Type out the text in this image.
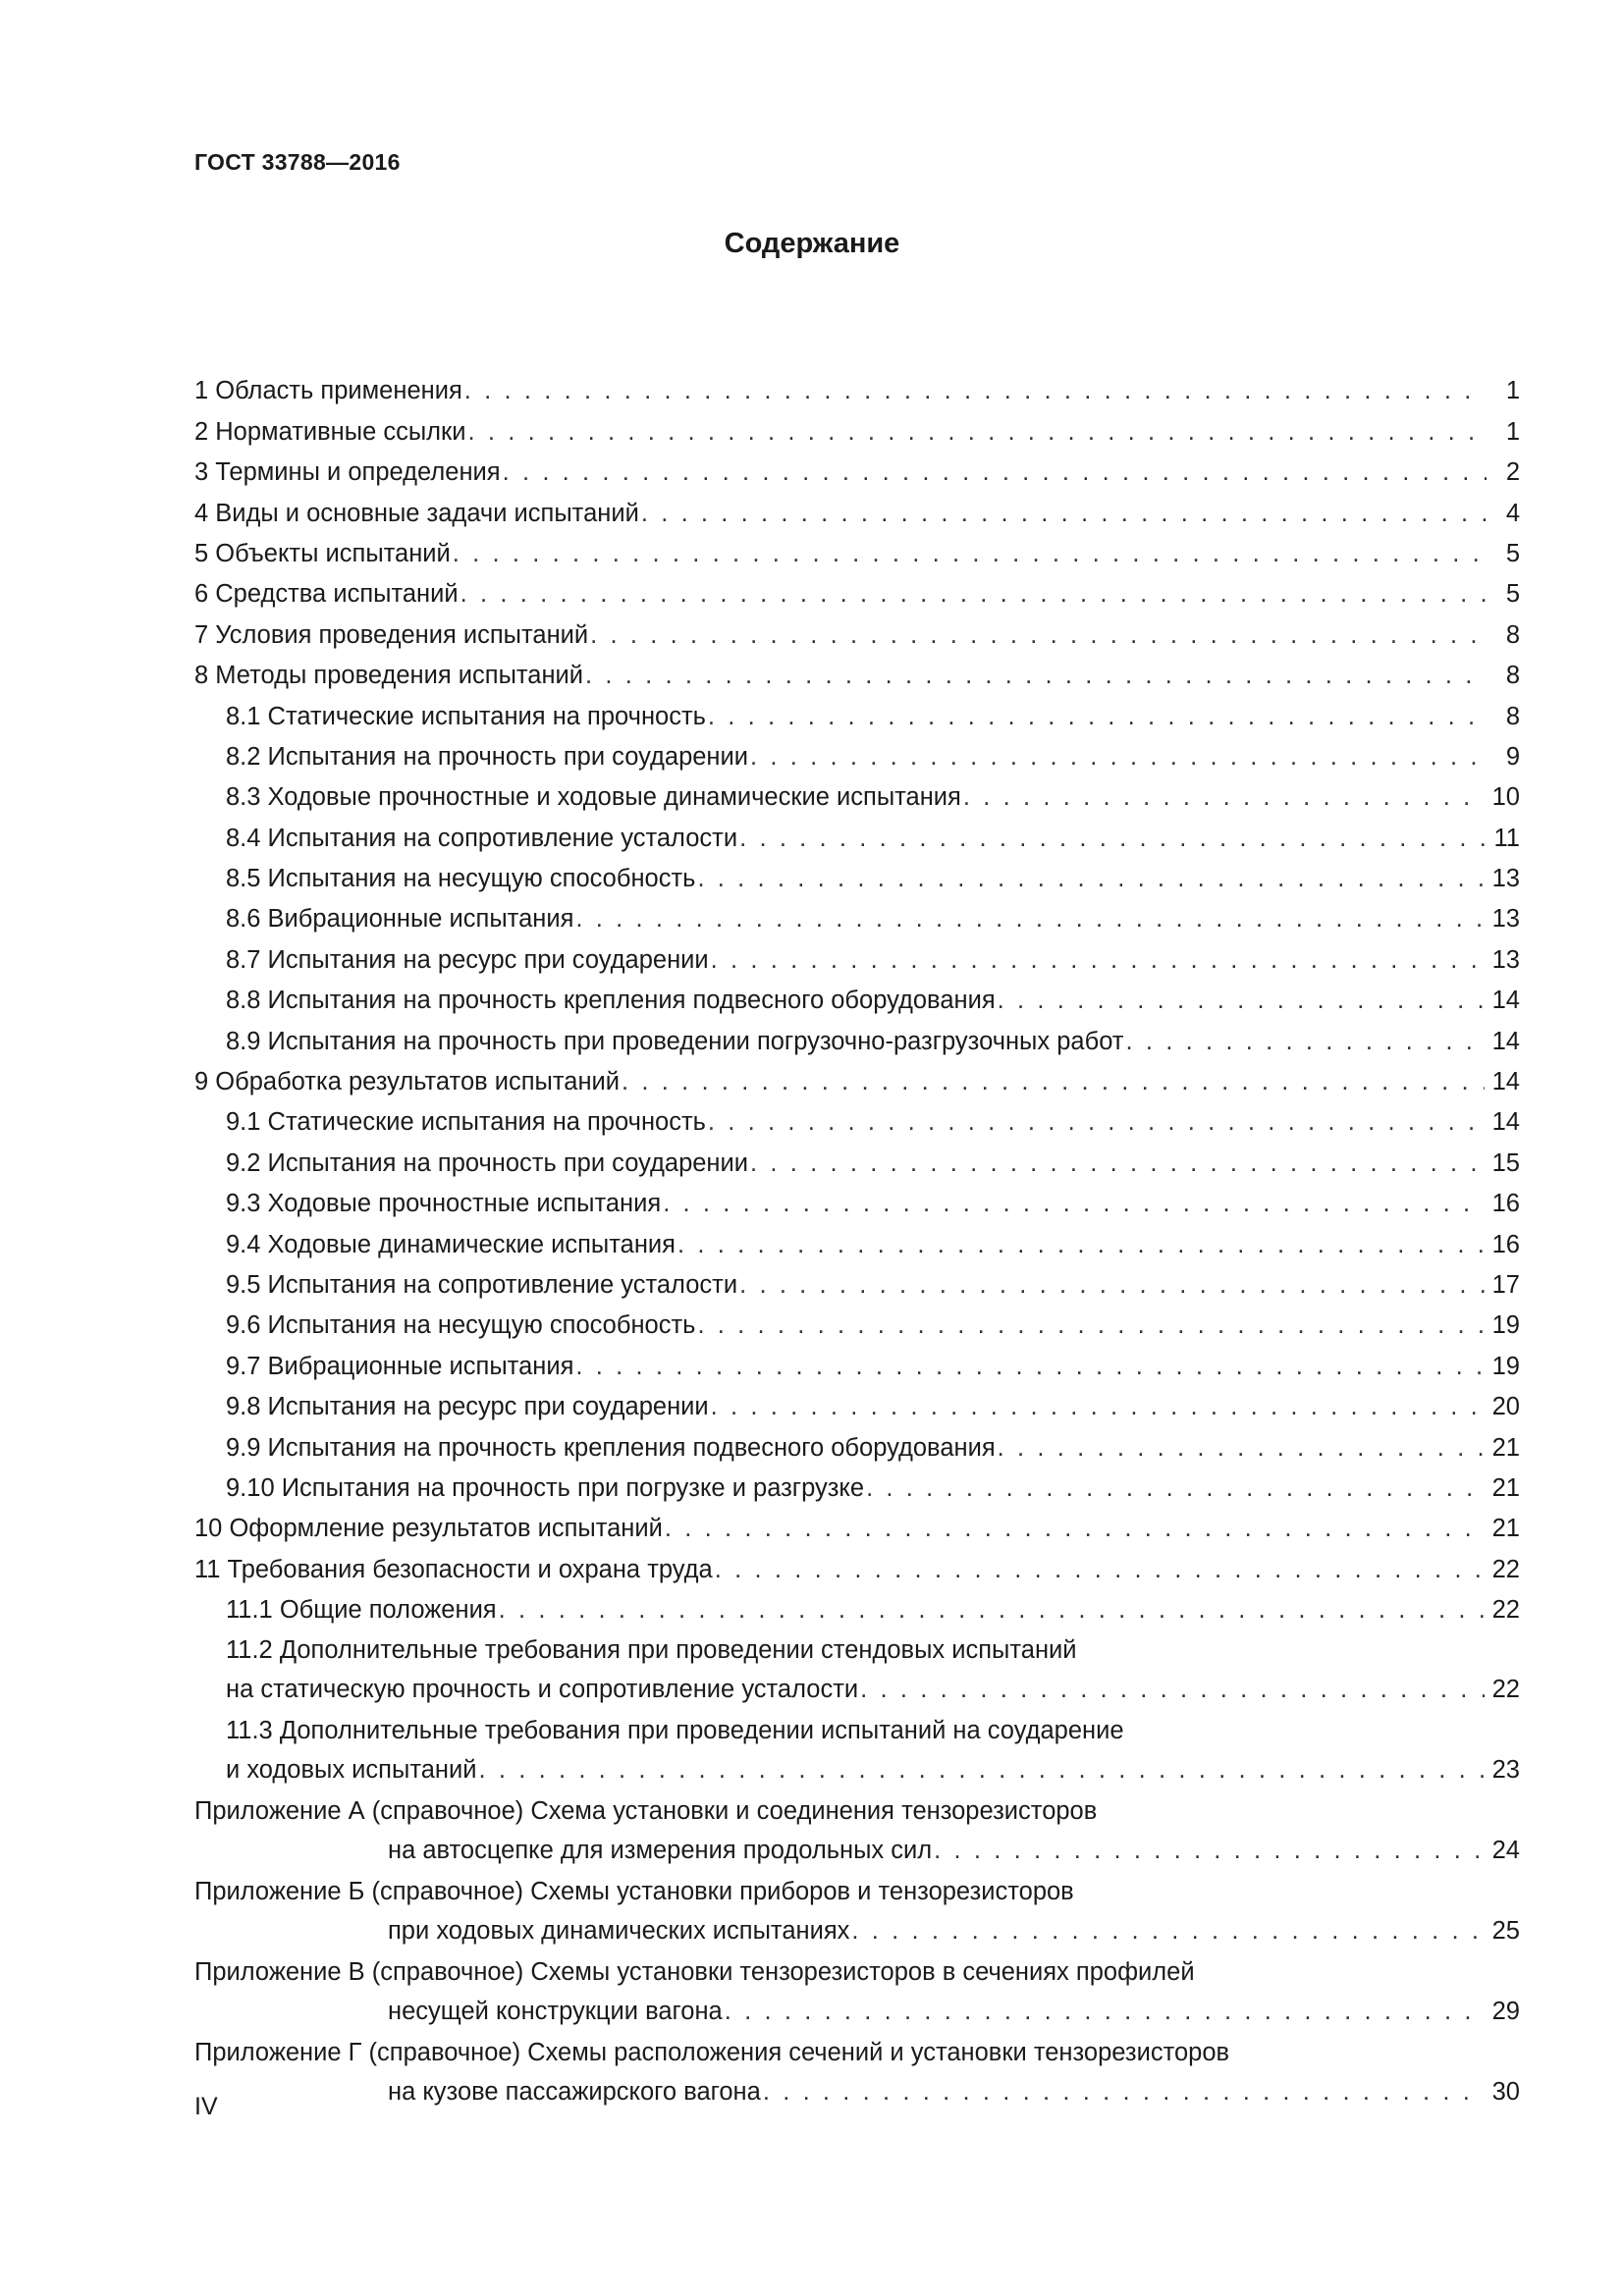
ГОСТ 33788—2016
Содержание
1 Область применения . . .	1
2 Нормативные ссылки . . .	1
3 Термины и определения . . .	2
4 Виды и основные задачи испытаний . . .	4
5 Объекты испытаний . . .	5
6 Средства испытаний . . .	5
7 Условия проведения испытаний . . .	8
8 Методы проведения испытаний . . .	8
8.1 Статические испытания на прочность . . .	8
8.2 Испытания на прочность при соударении . . .	9
8.3 Ходовые прочностные и ходовые динамические испытания . . .	10
8.4 Испытания на сопротивление усталости . . .	11
8.5 Испытания на несущую способность . . .	13
8.6 Вибрационные испытания . . .	13
8.7 Испытания на ресурс при соударении . . .	13
8.8 Испытания на прочность крепления подвесного оборудования . . .	14
8.9 Испытания на прочность при проведении погрузочно-разгрузочных работ . . .	14
9 Обработка результатов испытаний . . .	14
9.1 Статические испытания на прочность . . .	14
9.2 Испытания на прочность при соударении . . .	15
9.3 Ходовые прочностные испытания . . .	16
9.4 Ходовые динамические испытания . . .	16
9.5 Испытания на сопротивление усталости . . .	17
9.6 Испытания на несущую способность . . .	19
9.7 Вибрационные испытания . . .	19
9.8 Испытания на ресурс при соударении . . .	20
9.9 Испытания на прочность крепления подвесного оборудования . . .	21
9.10 Испытания на прочность при погрузке и разгрузке . . .	21
10 Оформление результатов испытаний . . .	21
11 Требования безопасности и охрана труда . . .	22
11.1 Общие положения . . .	22
11.2 Дополнительные требования при проведении стендовых испытаний
на статическую прочность и сопротивление усталости . . .	22
11.3 Дополнительные требования при проведении испытаний на соударение
и ходовых испытаний . . .	23
Приложение А (справочное) Схема установки и соединения тензорезисторов
на автосцепке для измерения продольных сил . . .	24
Приложение Б (справочное) Схемы установки приборов и тензорезисторов
при ходовых динамических испытаниях . . .	25
Приложение В (справочное) Схемы установки тензорезисторов в сечениях профилей
несущей конструкции вагона . . .	29
Приложение Г (справочное) Схемы расположения сечений и установки тензорезисторов
на кузове пассажирского вагона . . .	30
IV
